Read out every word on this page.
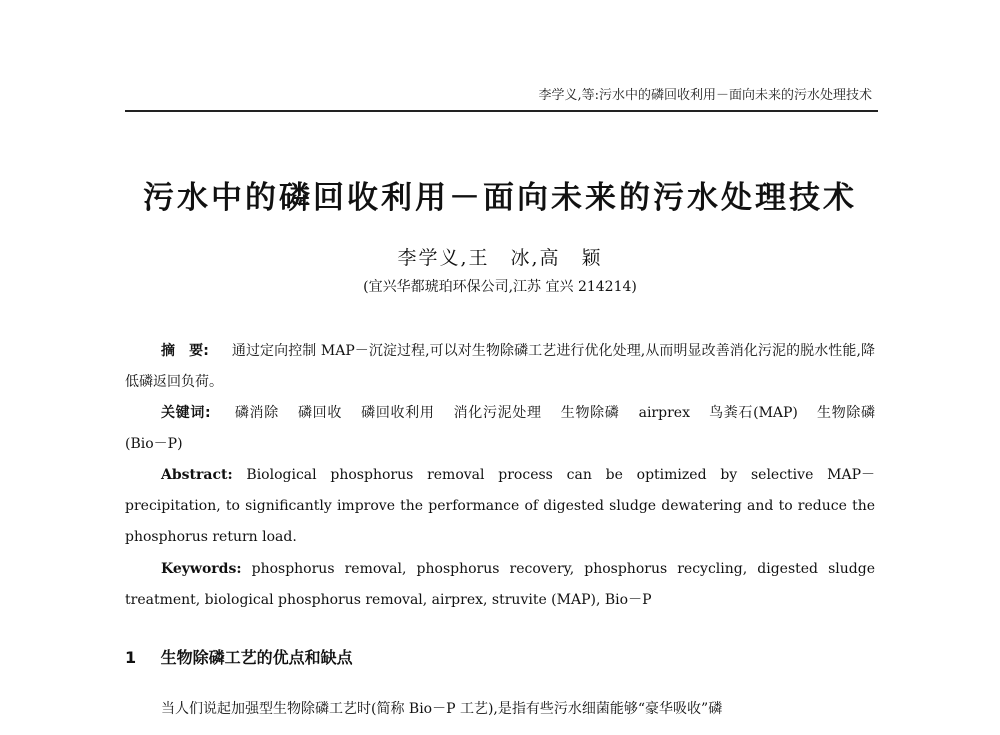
李学义,等:污水中的磷回收利用－面向未来的污水处理技术
污水中的磷回收利用－面向未来的污水处理技术
李学义,王　冰,高　颖
(宜兴华都琥珀环保公司,江苏 宜兴 214214)
摘　要: 通过定向控制 MAP－沉淀过程,可以对生物除磷工艺进行优化处理,从而明显改善消化污泥的脱水性能,降低磷返回负荷。
关键词: 磷消除 磷回收 磷回收利用 消化污泥处理 生物除磷 airprex 鸟粪石(MAP) 生物除磷(Bio－P)
Abstract: Biological phosphorus removal process can be optimized by selective MAP－precipitation, to significantly improve the performance of digested sludge dewatering and to reduce the phosphorus return load.
Keywords: phosphorus removal, phosphorus recovery, phosphorus recycling, digested sludge treatment, biological phosphorus removal, airprex, struvite (MAP), Bio－P
1 生物除磷工艺的优点和缺点
当人们说起加强型生物除磷工艺时(简称 Bio－P 工艺),是指有些污水细菌能够“豪华吸收”磷
